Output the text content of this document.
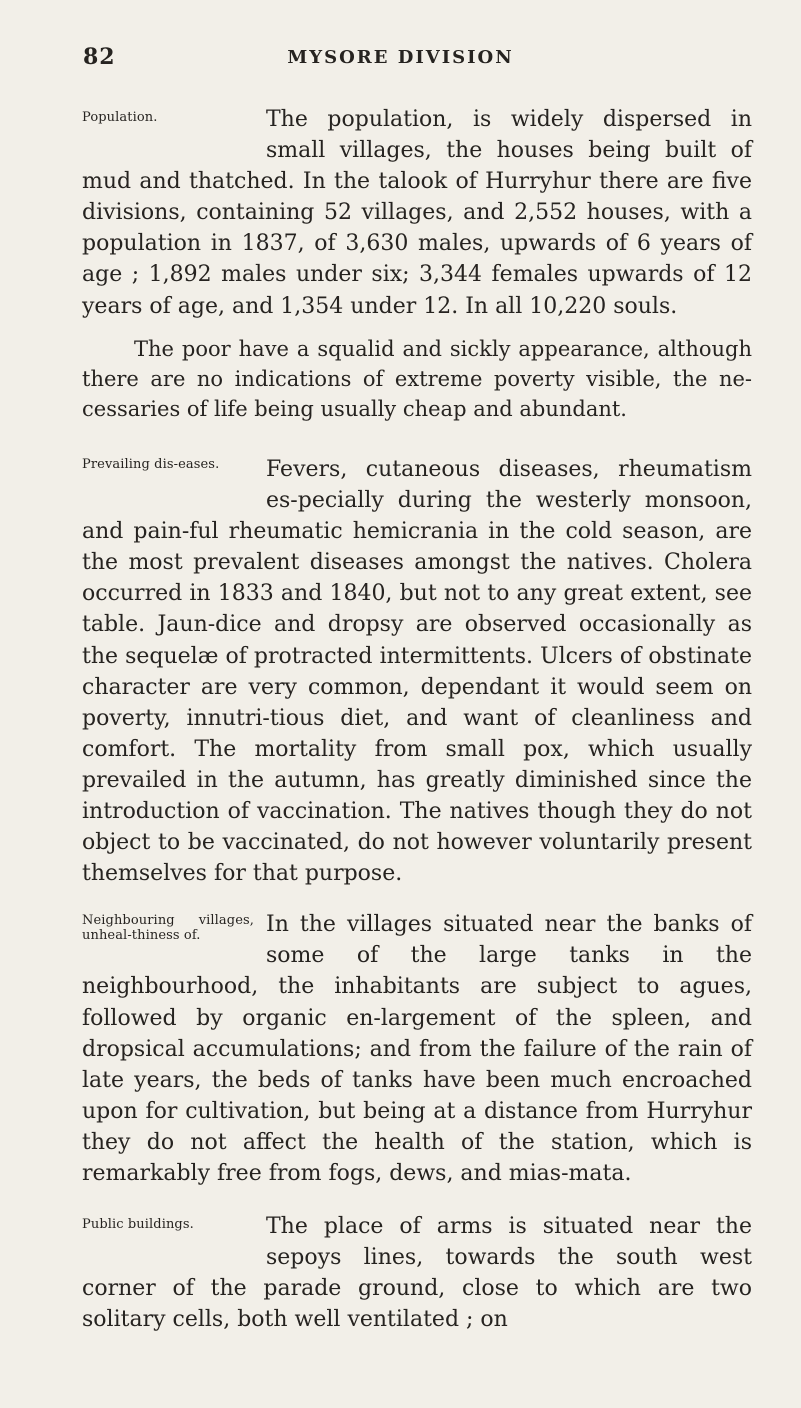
82	MYSORE DIVISION

Population.	The population, is widely dispersed in small villages, the houses being built of mud and thatched. In the talook of Hurryhur there are five divisions, containing 52 villages, and 2,552 houses, with a population in 1837, of 3,630 males, upwards of 6 years of age ; 1,892 males under six; 3,344 females upwards of 12 years of age, and 1,354 under 12. In all 10,220 souls.

The poor have a squalid and sickly appearance, although there are no indications of extreme poverty visible, the ne-cessaries of life being usually cheap and abundant.

Prevailing dis-eases.	Fevers, cutaneous diseases, rheumatism es-pecially during the westerly monsoon, and pain-ful rheumatic hemicrania in the cold season, are the most prevalent diseases amongst the natives. Cholera occurred in 1833 and 1840, but not to any great extent, see table. Jaun-dice and dropsy are observed occasionally as the sequelæ of protracted intermittents. Ulcers of obstinate character are very common, dependant it would seem on poverty, innutri-tious diet, and want of cleanliness and comfort. The mortality from small pox, which usually prevailed in the autumn, has greatly diminished since the introduction of vaccination. The natives though they do not object to be vaccinated, do not however voluntarily present themselves for that purpose.

Neighbouring villages, unheal-thiness of.	In the villages situated near the banks of some of the large tanks in the neighbourhood, the inhabitants are subject to agues, followed by organic en-largement of the spleen, and dropsical accumulations; and from the failure of the rain of late years, the beds of tanks have been much encroached upon for cultivation, but being at a distance from Hurryhur they do not affect the health of the station, which is remarkably free from fogs, dews, and mias-mata.

Public buildings.	The place of arms is situated near the sepoys lines, towards the south west corner of the parade ground, close to which are two solitary cells, both well ventilated ; on
